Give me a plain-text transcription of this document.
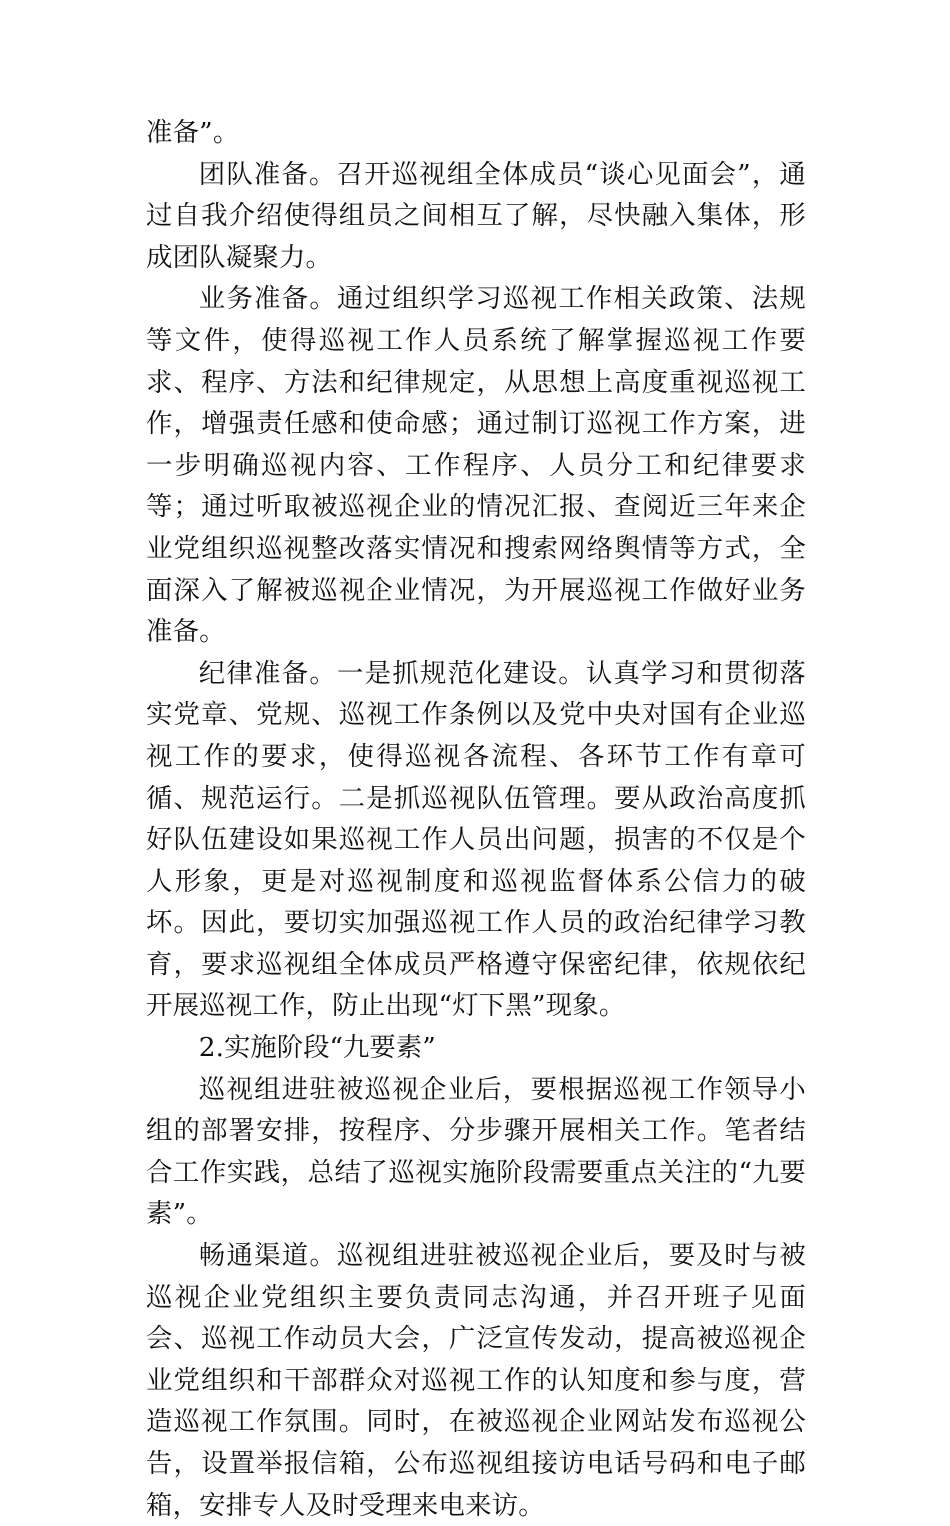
准备”。

团队准备。召开巡视组全体成员“谈心见面会”，通过自我介绍使得组员之间相互了解，尽快融入集体，形成团队凝聚力。

业务准备。通过组织学习巡视工作相关政策、法规等文件，使得巡视工作人员系统了解掌握巡视工作要求、程序、方法和纪律规定，从思想上高度重视巡视工作，增强责任感和使命感；通过制订巡视工作方案，进一步明确巡视内容、工作程序、人员分工和纪律要求等；通过听取被巡视企业的情况汇报、查阅近三年来企业党组织巡视整改落实情况和搜索网络舆情等方式，全面深入了解被巡视企业情况，为开展巡视工作做好业务准备。

纪律准备。一是抓规范化建设。认真学习和贯彻落实党章、党规、巡视工作条例以及党中央对国有企业巡视工作的要求，使得巡视各流程、各环节工作有章可循、规范运行。二是抓巡视队伍管理。要从政治高度抓好队伍建设如果巡视工作人员出问题，损害的不仅是个人形象，更是对巡视制度和巡视监督体系公信力的破坏。因此，要切实加强巡视工作人员的政治纪律学习教育，要求巡视组全体成员严格遵守保密纪律，依规依纪开展巡视工作，防止出现“灯下黑”现象。

2.实施阶段“九要素”

巡视组进驻被巡视企业后，要根据巡视工作领导小组的部署安排，按程序、分步骤开展相关工作。笔者结合工作实践，总结了巡视实施阶段需要重点关注的“九要素”。

畅通渠道。巡视组进驻被巡视企业后，要及时与被巡视企业党组织主要负责同志沟通，并召开班子见面会、巡视工作动员大会，广泛宣传发动，提高被巡视企业党组织和干部群众对巡视工作的认知度和参与度，营造巡视工作氛围。同时，在被巡视企业网站发布巡视公告，设置举报信箱，公布巡视组接访电话号码和电子邮箱，安排专人及时受理来电来访。
